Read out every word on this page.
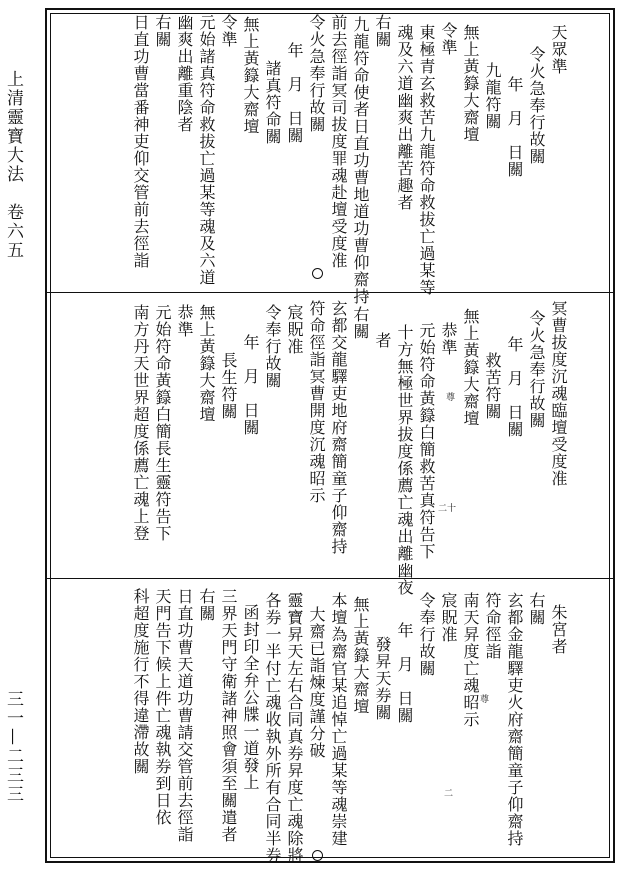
上清靈寶大法　卷六五
三一—二三三
天眾準
令火急奉行故關
年　月　日關
九龍符關
無上黃籙大齋壇
令準
東極青玄救苦九龍符命救拔亡過某等
魂及六道幽爽出離苦趣者
右關
九龍符命使者日直功曹地道功曹仰齋持
前去徑詣冥司拔度罪魂赴壇受度准
令火急奉行故關
年　月　日關
諸真符命關
無上黃籙大齋壇
令準
元始諸真符命救拔亡過某等魂及六道
幽爽出離重陰者
右關
日直功曹當番神吏仰交管前去徑詣
冥曹拔度沉魂臨壇受度准
令火急奉行故關
年　月　日關
救苦符關
無上黃籙大齋壇
恭準
元始符命黃籙白簡救苦真符告下
十方無極世界拔度係薦亡魂出離幽夜
者
右關
玄都交龍驛吏地府齋簡童子仰齋持
符命徑詣冥曹開度沉魂昭示
宸貺准
令奉行故關
年　月　日關
長生符關
無上黃籙大齋壇
恭準
元始符命黃籙白簡長生靈符告下
南方丹天世界超度係薦亡魂上登	尊
二十
朱宮者
右關
玄都金龍驛吏火府齋簡童子仰齋持
符命徑詣
南天昇度亡魂昭示
宸貺准
令奉行故關
年　月　日關
發昇天券關
無上黃籙大齋壇
本壇為齋官某追悼亡過某等魂崇建
大齋已詣煉度謹分破
靈寶昇天左右合同真券昇度亡魂除將
各券一半付亡魂收執外所有合同半券
函封印全弁公牒一道發上
三界天門守衛諸神照會須至關遣者
右關
日直功曹天道功曹請交管前去徑詣
天門告下候上件亡魂執券到日依
科超度施行不得違滯故關	尊
二
